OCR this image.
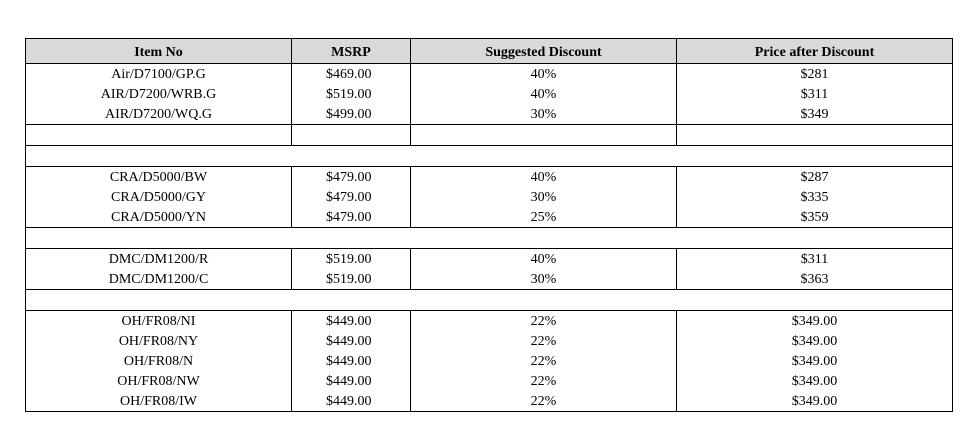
Item No	MSRP	Suggested Discount	Price after Discount
Air/D7100/GP.G	$469.00	40%	$281
AIR/D7200/WRB.G	$519.00	40%	$311
AIR/D7200/WQ.G	$499.00	30%	$349

CRA/D5000/BW	$479.00	40%	$287
CRA/D5000/GY	$479.00	30%	$335
CRA/D5000/YN	$479.00	25%	$359

DMC/DM1200/R	$519.00	40%	$311
DMC/DM1200/C	$519.00	30%	$363

OH/FR08/NI	$449.00	22%	$349.00
OH/FR08/NY	$449.00	22%	$349.00
OH/FR08/N	$449.00	22%	$349.00
OH/FR08/NW	$449.00	22%	$349.00
OH/FR08/IW	$449.00	22%	$349.00
